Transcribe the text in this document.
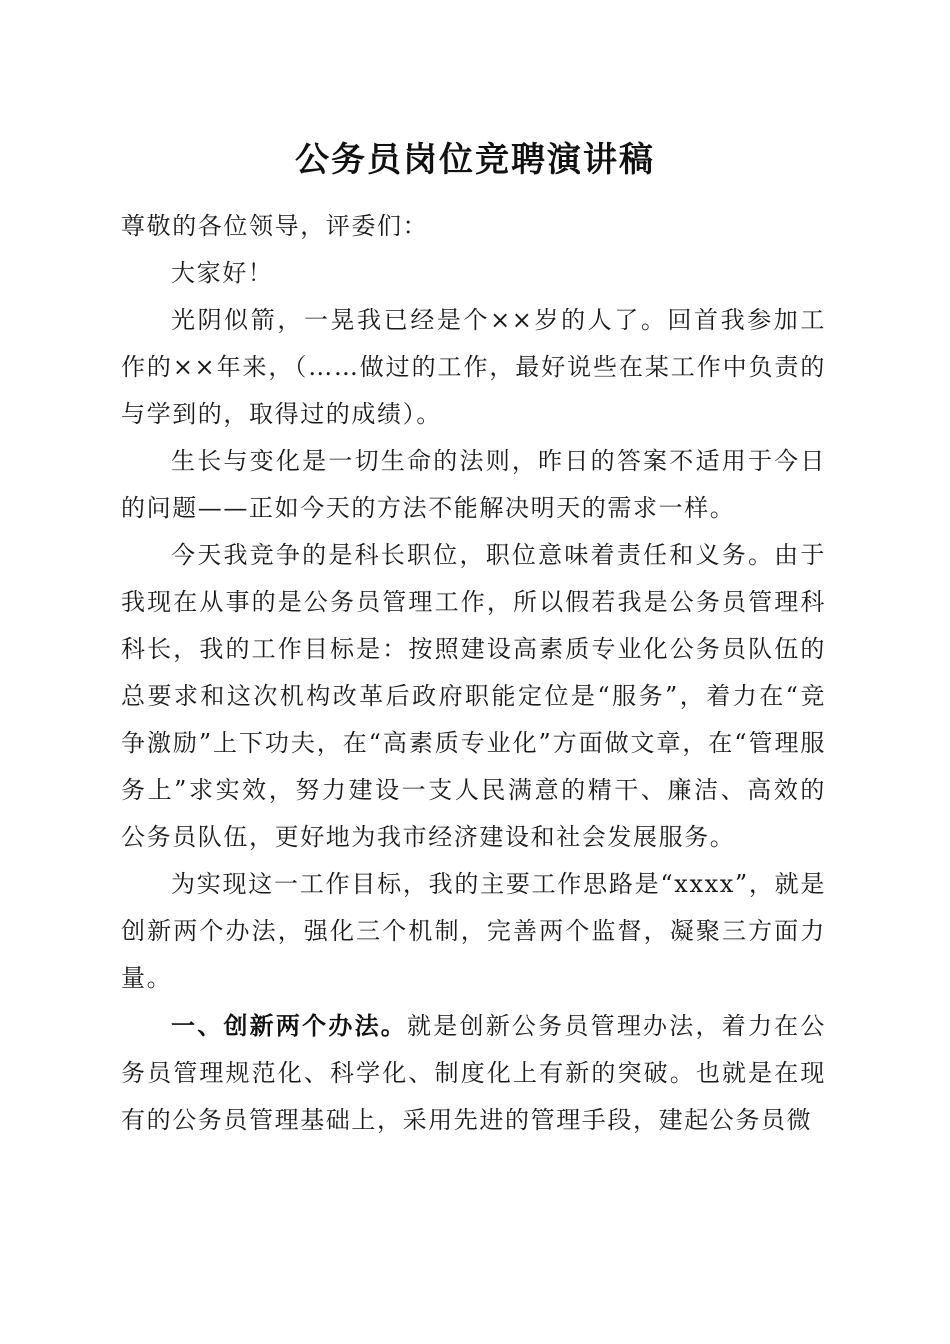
公务员岗位竞聘演讲稿

尊敬的各位领导，评委们：

大家好！

光阴似箭，一晃我已经是个××岁的人了。回首我参加工作的××年来，（……做过的工作，最好说些在某工作中负责的与学到的，取得过的成绩）。

生长与变化是一切生命的法则，昨日的答案不适用于今日的问题——正如今天的方法不能解决明天的需求一样。

今天我竞争的是科长职位，职位意味着责任和义务。由于我现在从事的是公务员管理工作，所以假若我是公务员管理科科长，我的工作目标是：按照建设高素质专业化公务员队伍的总要求和这次机构改革后政府职能定位是“服务”，着力在“竞争激励”上下功夫，在“高素质专业化”方面做文章，在“管理服务上”求实效，努力建设一支人民满意的精干、廉洁、高效的公务员队伍，更好地为我市经济建设和社会发展服务。

为实现这一工作目标，我的主要工作思路是“xxxx”，就是创新两个办法，强化三个机制，完善两个监督，凝聚三方面力量。

一、创新两个办法。就是创新公务员管理办法，着力在公务员管理规范化、科学化、制度化上有新的突破。也就是在现有的公务员管理基础上，采用先进的管理手段，建起公务员微
